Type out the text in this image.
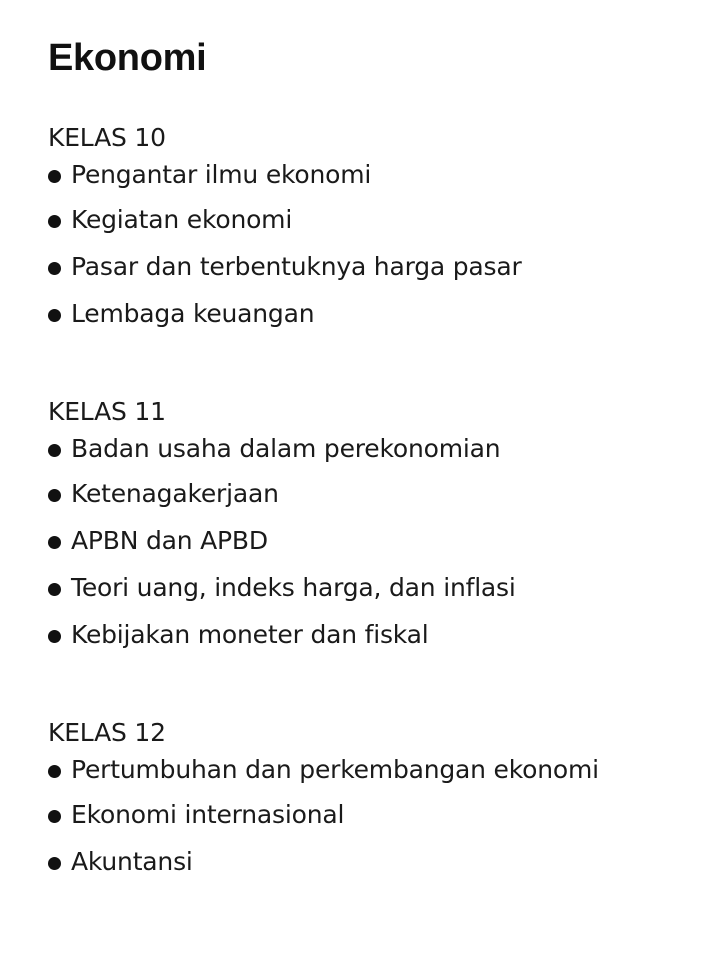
Ekonomi
KELAS 10
Pengantar ilmu ekonomi
Kegiatan ekonomi
Pasar dan terbentuknya harga pasar
Lembaga keuangan
KELAS 11
Badan usaha dalam perekonomian
Ketenagakerjaan
APBN dan APBD
Teori uang, indeks harga, dan inflasi
Kebijakan moneter dan fiskal
KELAS 12
Pertumbuhan dan perkembangan ekonomi
Ekonomi internasional
Akuntansi
